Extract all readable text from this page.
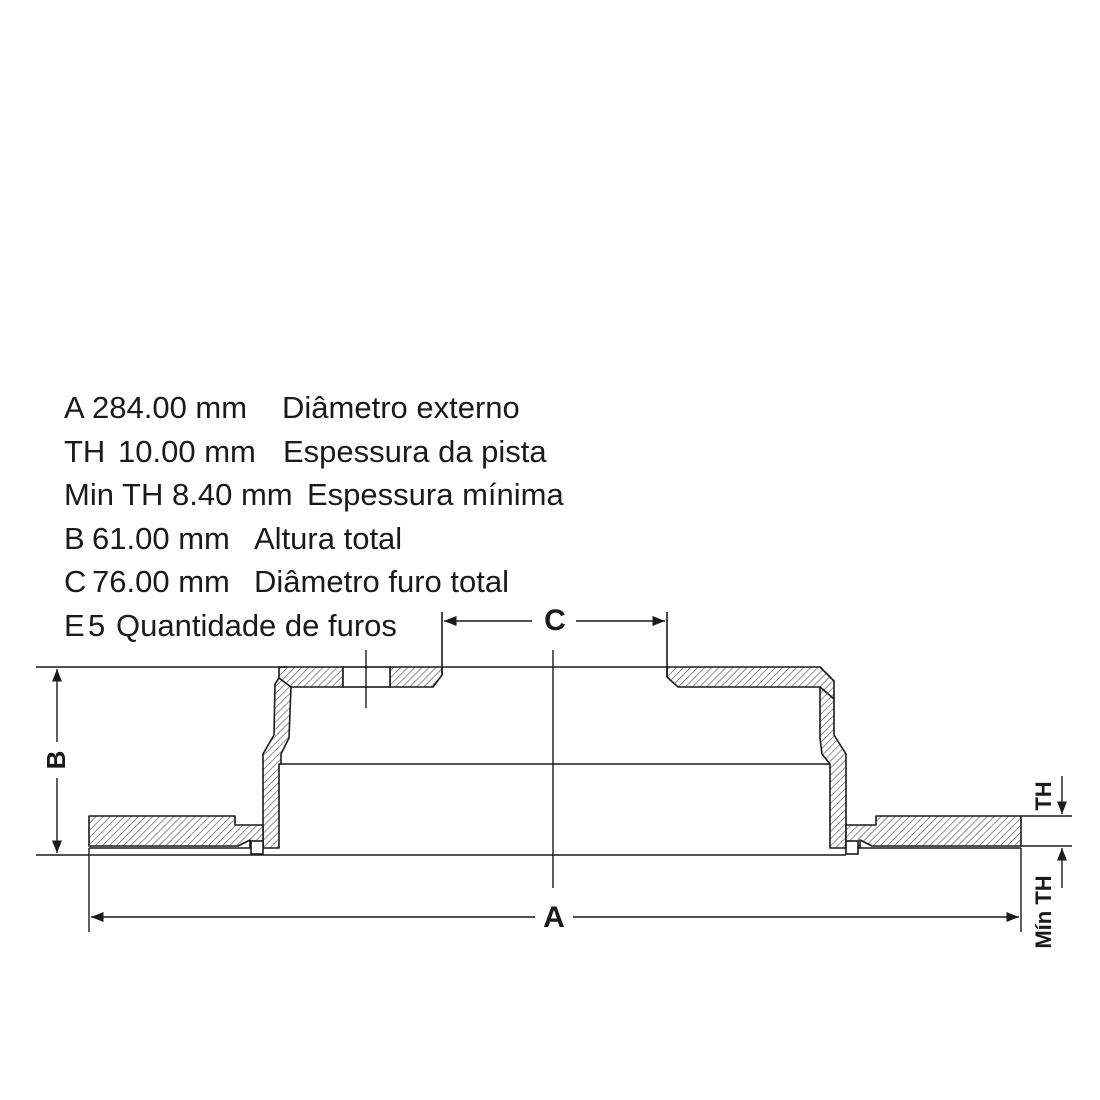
A 284.00 mm Diâmetro externo
TH 10.00 mm Espessura da pista
Min TH 8.40 mm Espessura mínima
B 61.00 mm Altura total
C 76.00 mm Diâmetro furo total
E 5 Quantidade de furos
B
C
A
TH
Mín TH
